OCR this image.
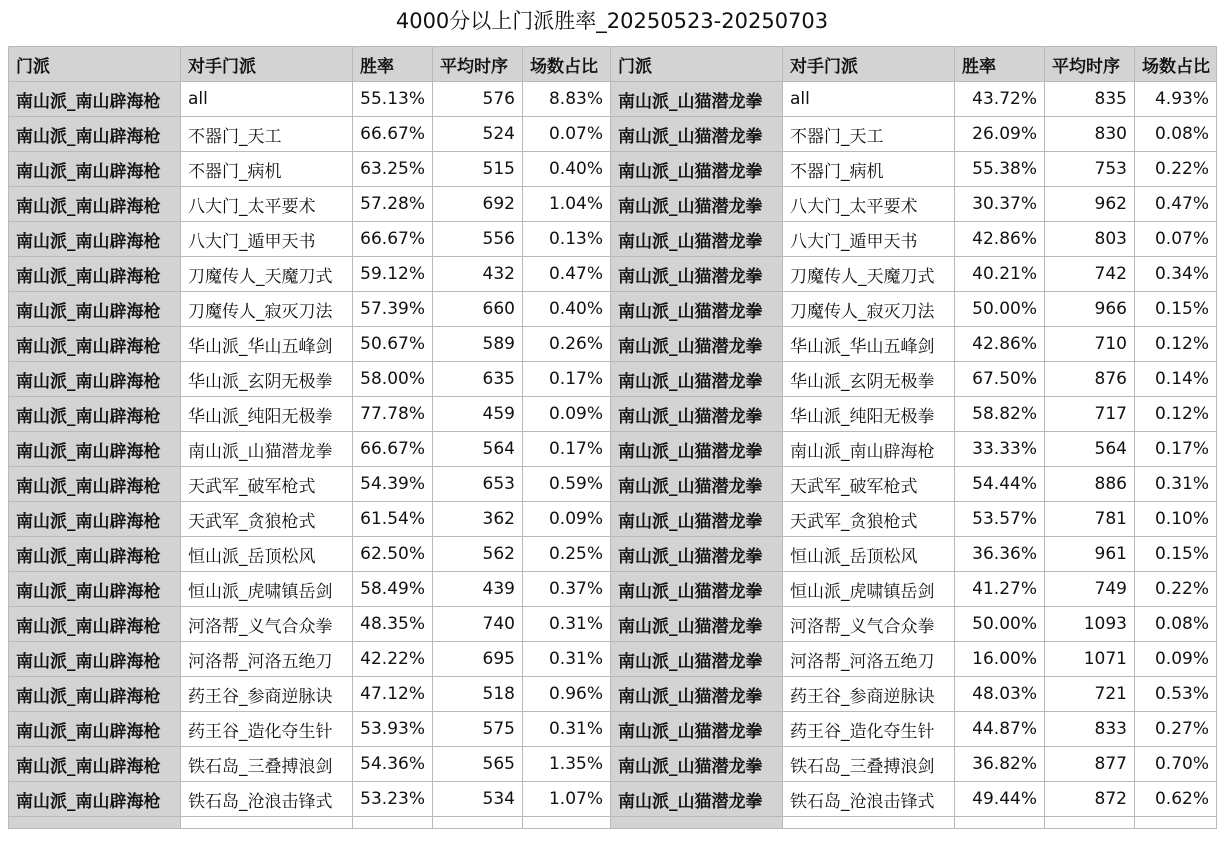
4000分以上门派胜率_20250523-20250703
门派	对手门派	胜率	平均时序	场数占比	门派	对手门派	胜率	平均时序	场数占比
南山派_南山辟海枪	all	55.13%	576	8.83%	南山派_山猫潜龙拳	all	43.72%	835	4.93%
南山派_南山辟海枪	不器门_天工	66.67%	524	0.07%	南山派_山猫潜龙拳	不器门_天工	26.09%	830	0.08%
南山派_南山辟海枪	不器门_病机	63.25%	515	0.40%	南山派_山猫潜龙拳	不器门_病机	55.38%	753	0.22%
南山派_南山辟海枪	八大门_太平要术	57.28%	692	1.04%	南山派_山猫潜龙拳	八大门_太平要术	30.37%	962	0.47%
南山派_南山辟海枪	八大门_遁甲天书	66.67%	556	0.13%	南山派_山猫潜龙拳	八大门_遁甲天书	42.86%	803	0.07%
南山派_南山辟海枪	刀魔传人_天魔刀式	59.12%	432	0.47%	南山派_山猫潜龙拳	刀魔传人_天魔刀式	40.21%	742	0.34%
南山派_南山辟海枪	刀魔传人_寂灭刀法	57.39%	660	0.40%	南山派_山猫潜龙拳	刀魔传人_寂灭刀法	50.00%	966	0.15%
南山派_南山辟海枪	华山派_华山五峰剑	50.67%	589	0.26%	南山派_山猫潜龙拳	华山派_华山五峰剑	42.86%	710	0.12%
南山派_南山辟海枪	华山派_玄阴无极拳	58.00%	635	0.17%	南山派_山猫潜龙拳	华山派_玄阴无极拳	67.50%	876	0.14%
南山派_南山辟海枪	华山派_纯阳无极拳	77.78%	459	0.09%	南山派_山猫潜龙拳	华山派_纯阳无极拳	58.82%	717	0.12%
南山派_南山辟海枪	南山派_山猫潜龙拳	66.67%	564	0.17%	南山派_山猫潜龙拳	南山派_南山辟海枪	33.33%	564	0.17%
南山派_南山辟海枪	天武军_破军枪式	54.39%	653	0.59%	南山派_山猫潜龙拳	天武军_破军枪式	54.44%	886	0.31%
南山派_南山辟海枪	天武军_贪狼枪式	61.54%	362	0.09%	南山派_山猫潜龙拳	天武军_贪狼枪式	53.57%	781	0.10%
南山派_南山辟海枪	恒山派_岳顶松风	62.50%	562	0.25%	南山派_山猫潜龙拳	恒山派_岳顶松风	36.36%	961	0.15%
南山派_南山辟海枪	恒山派_虎啸镇岳剑	58.49%	439	0.37%	南山派_山猫潜龙拳	恒山派_虎啸镇岳剑	41.27%	749	0.22%
南山派_南山辟海枪	河洛帮_义气合众拳	48.35%	740	0.31%	南山派_山猫潜龙拳	河洛帮_义气合众拳	50.00%	1093	0.08%
南山派_南山辟海枪	河洛帮_河洛五绝刀	42.22%	695	0.31%	南山派_山猫潜龙拳	河洛帮_河洛五绝刀	16.00%	1071	0.09%
南山派_南山辟海枪	药王谷_参商逆脉诀	47.12%	518	0.96%	南山派_山猫潜龙拳	药王谷_参商逆脉诀	48.03%	721	0.53%
南山派_南山辟海枪	药王谷_造化夺生针	53.93%	575	0.31%	南山派_山猫潜龙拳	药王谷_造化夺生针	44.87%	833	0.27%
南山派_南山辟海枪	铁石岛_三叠搏浪剑	54.36%	565	1.35%	南山派_山猫潜龙拳	铁石岛_三叠搏浪剑	36.82%	877	0.70%
南山派_南山辟海枪	铁石岛_沧浪击锋式	53.23%	534	1.07%	南山派_山猫潜龙拳	铁石岛_沧浪击锋式	49.44%	872	0.62%
